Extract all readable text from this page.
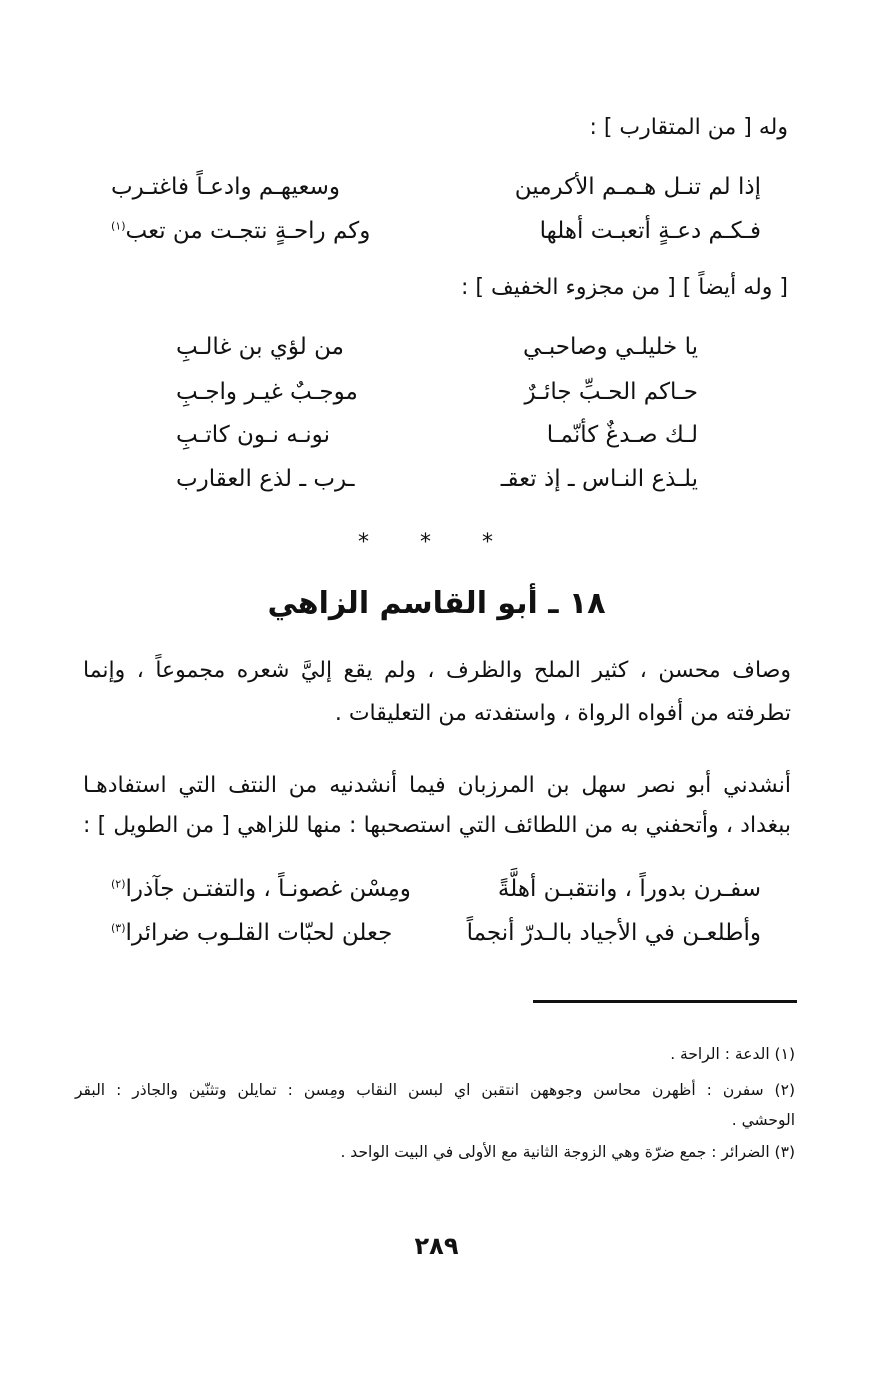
وله [ من المتقارب ] :
إذا لم تنـل هـمـم الأكرمين
وسعيهـم وادعـاً فاغتـرب
فـكـم دعـةٍ أتعبـت أهلها
وكم راحـةٍ نتجـت من تعب$^{(١)}$
[ وله أيضاً ] [ من مجزوء الخفيف ] :
يا خليلـي وصاحبـي
من لؤي بن غالـبِ
حـاكم الحـبِّ جائـرٌ
موجـبٌ غيـر واجـبِ
لـك صـدغٌ كأنّمـا
نونـه نـون كاتـبِ
يلـذع النـاس ـ إذ تعقـ
ـرب ـ لذع العقارب
* * *
١٨ ـ أبو القاسم الزاهي
وصاف محسن ، كثير الملح والظرف ، ولم يقع إليَّ شعره مجموعاً ، وإنما
تطرفته من أفواه الرواة ، واستفدته من التعليقات .
أنشدني أبو نصر سهل بن المرزبان فيما أنشدنيه من النتف التي استفادهـا
ببغداد ، وأتحفني به من اللطائف التي استصحبها : منها للزاهي [ من الطويل ] :
سفـرن بدوراً ، وانتقبـن أهلَّةً
ومِسْن غصونـاً ، والتفتـن جآذرا$^{(٢)}$
وأطلعـن في الأجياد بالـدرّ أنجماً
جعلن لحبّات القلـوب ضرائرا$^{(٣)}$
(١) الدعة : الراحة .
(٢) سفرن : أظهرن محاسن وجوههن انتقبن اي لبسن النقاب ومِسن : تمايلن وتثنّين والجاذر : البقر
الوحشي .
(٣) الضرائر : جمع ضرّة وهي الزوجة الثانية مع الأولى في البيت الواحد .
٢٨٩
